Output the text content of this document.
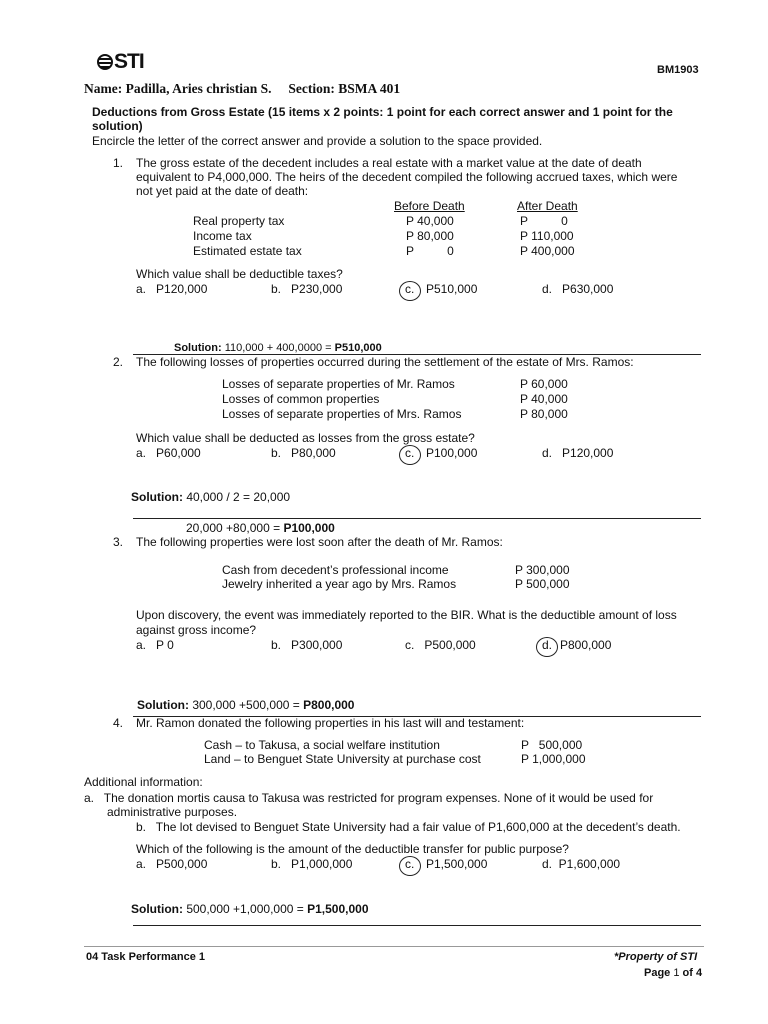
STI	BM1903
Name: Padilla, Aries christian S.     Section: BSMA 401
Deductions from Gross Estate (15 items x 2 points: 1 point for each correct answer and 1 point for the
solution)
Encircle the letter of the correct answer and provide a solution to the space provided.
1. The gross estate of the decedent includes a real estate with a market value at the date of death
equivalent to P4,000,000. The heirs of the decedent compiled the following accrued taxes, which were
not yet paid at the date of death:
Before Death	After Death
Real property tax	P 40,000	P          0
Income tax	P 80,000	P 110,000
Estimated estate tax	P          0	P 400,000
Which value shall be deductible taxes?
a.   P120,000	b.   P230,000	c. P510,000	d.   P630,000
Solution: 110,000 + 400,0000 = P510,000
2. The following losses of properties occurred during the settlement of the estate of Mrs. Ramos:
Losses of separate properties of Mr. Ramos	P 60,000
Losses of common properties	P 40,000
Losses of separate properties of Mrs. Ramos	P 80,000
Which value shall be deducted as losses from the gross estate?
a.   P60,000	b.   P80,000	c. P100,000	d.   P120,000
Solution: 40,000 / 2 = 20,000
20,000 +80,000 = P100,000
3. The following properties were lost soon after the death of Mr. Ramos:
Cash from decedent’s professional income	P 300,000
Jewelry inherited a year ago by Mrs. Ramos	P 500,000
Upon discovery, the event was immediately reported to the BIR. What is the deductible amount of loss
against gross income?
a.   P 0	b.   P300,000	c.   P500,000	d. P800,000
Solution: 300,000 +500,000 = P800,000
4. Mr. Ramon donated the following properties in his last will and testament:
Cash – to Takusa, a social welfare institution	P   500,000
Land – to Benguet State University at purchase cost	P 1,000,000
Additional information:
a.   The donation mortis causa to Takusa was restricted for program expenses. None of it would be used for
administrative purposes.
b.   The lot devised to Benguet State University had a fair value of P1,600,000 at the decedent’s death.
Which of the following is the amount of the deductible transfer for public purpose?
a.   P500,000	b.   P1,000,000	c. P1,500,000	d.  P1,600,000
Solution: 500,000 +1,000,000 = P1,500,000
04 Task Performance 1	*Property of STI
Page 1 of 4
